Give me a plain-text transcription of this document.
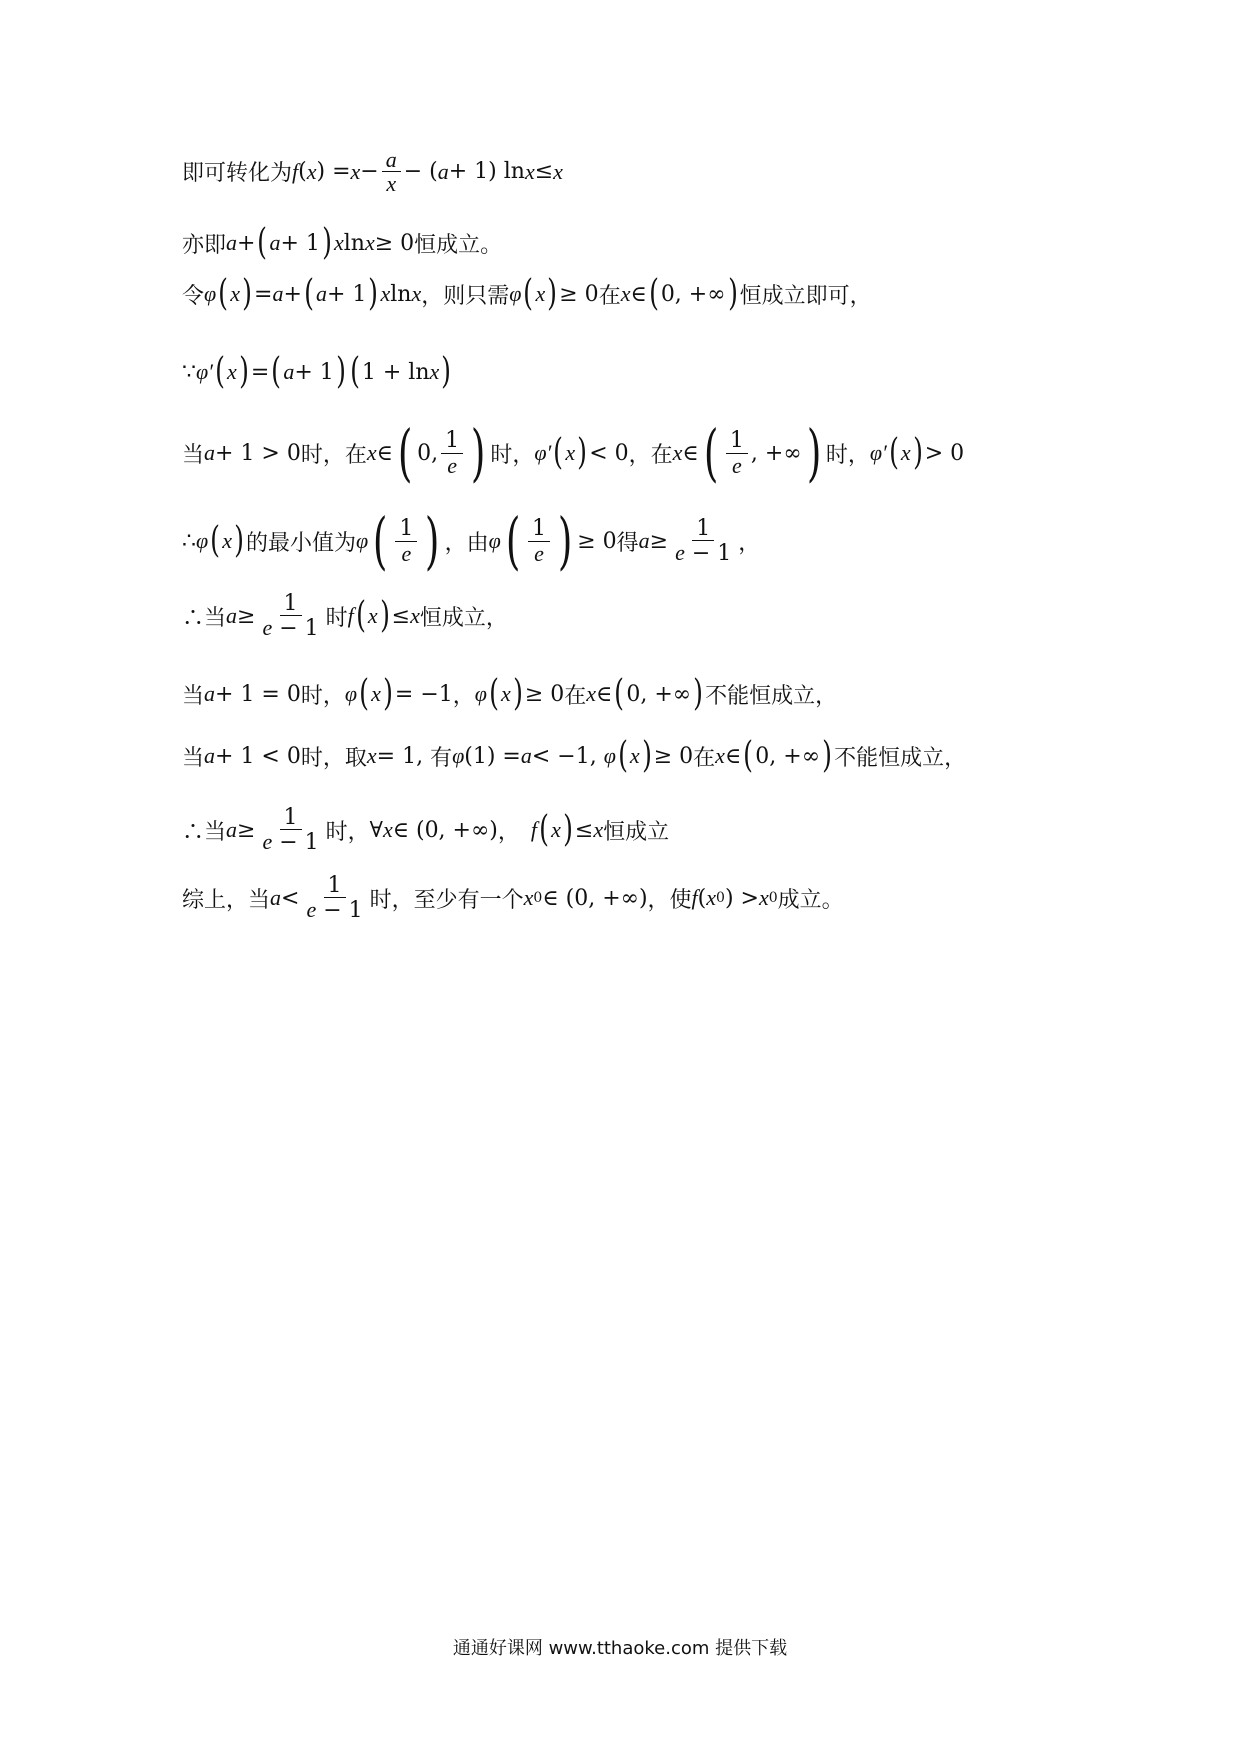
即可转化为 f ( x ) = $x - \frac{a}{x}$ − ( a + 1) ln x ≤ x
亦即 a + ( a + 1 ) x ln x ≥ 0 恒成立。
令 φ ( x ) = a + ( a + 1 ) x ln x ，则只需 φ ( x ) ≥ 0 在 x ∈ ( 0, +∞ ) 恒成立即可，
∵ φ′ ( x ) = ( a + 1 ) ( 1 + ln x )
当 a + 1 > 0 时，在 x ∈ ( 0, $\frac{1}{e}$ ) 时， φ′ ( x ) < 0 ，在 x ∈ ( $\frac{1}{e}$ , +∞ ) 时， φ′ ( x ) > 0
∴ φ ( x ) 的最小值为 φ ( $\frac{1}{e}$ ) ，由 φ ( $\frac{1}{e}$ ) ≥ 0 得 $a \ge \frac{1}{e - 1}$ ，
∴当 $a \ge \frac{1}{e - 1}$ 时 f ( x ) ≤ x 恒成立，
当 a + 1 = 0 时， φ ( x ) = −1 ， φ ( x ) ≥ 0 在 x ∈ ( 0, +∞ ) 不能恒成立，
当 a + 1 < 0 时，取 x = 1, 有 φ (1) = a < −1, φ ( x ) ≥ 0 在 x ∈ ( 0, +∞ ) 不能恒成立，
∴当 $a \ge \frac{1}{e - 1}$ 时， ∀ x ∈ (0, +∞) ， f ( x ) ≤ x 恒成立
综上，当 $a < \frac{1}{e - 1}$ 时，至少有一个 x 0 ∈ (0, +∞) ，使 f ( x 0 ) > x 0 成立。
通通好课网 www.tthaoke.com 提供下载
